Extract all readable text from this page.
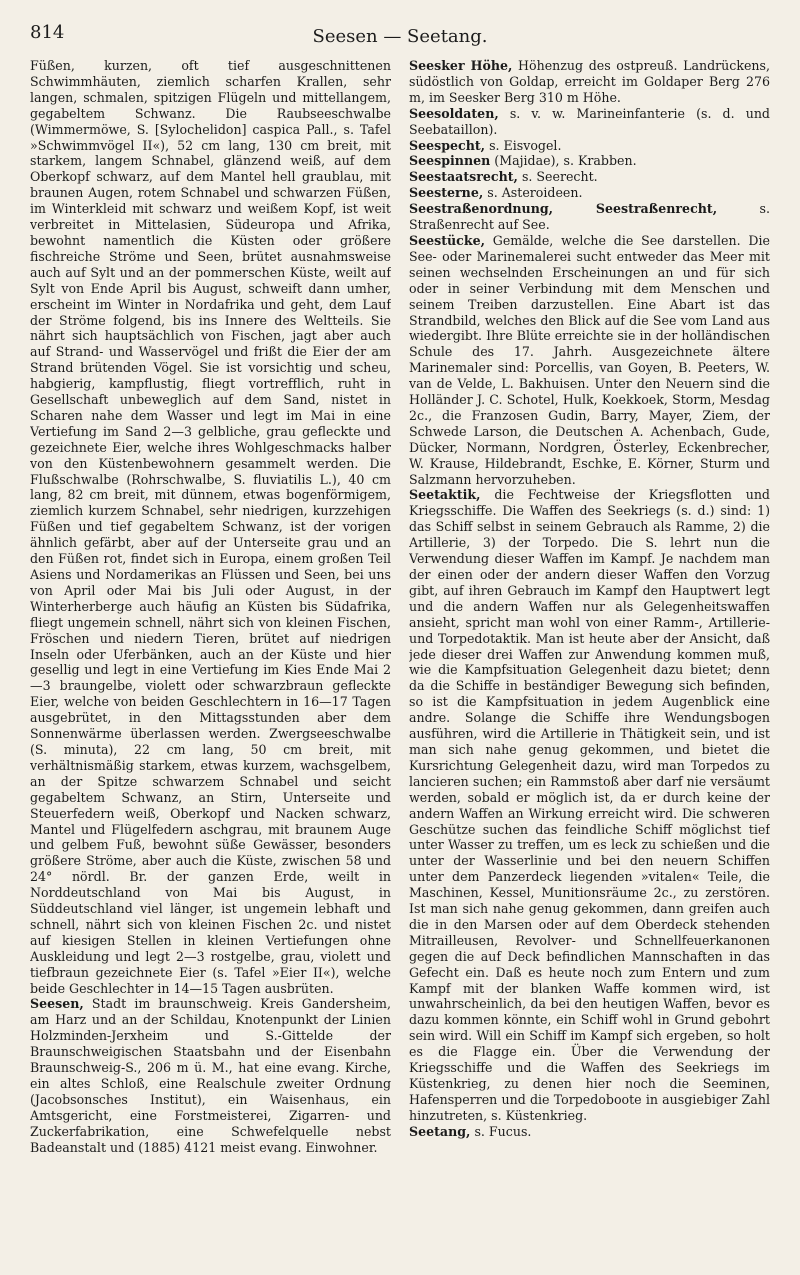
814	Seesen — Seetang.

Füßen, kurzen, oft tief ausgeschnittenen Schwimmhäuten, ziemlich scharfen Krallen, sehr langen, schmalen, spitzigen Flügeln und mittellangem, gegabeltem Schwanz. Die Raubseeschwalbe (Wimmermöwe, S. [Sylochelidon] caspica Pall., s. Tafel »Schwimmvögel II«), 52 cm lang, 130 cm breit, mit starkem, langem Schnabel, glänzend weiß, auf dem Oberkopf schwarz, auf dem Mantel hell graublau, mit braunen Augen, rotem Schnabel und schwarzen Füßen, im Winterkleid mit schwarz und weißem Kopf, ist weit verbreitet in Mittelasien, Südeuropa und Afrika, bewohnt namentlich die Küsten oder größere fischreiche Ströme und Seen, brütet ausnahmsweise auch auf Sylt und an der pommerschen Küste, weilt auf Sylt von Ende April bis August, schweift dann umher, erscheint im Winter in Nordafrika und geht, dem Lauf der Ströme folgend, bis ins Innere des Weltteils. Sie nährt sich hauptsächlich von Fischen, jagt aber auch auf Strand- und Wasservögel und frißt die Eier der am Strand brütenden Vögel. Sie ist vorsichtig und scheu, habgierig, kampflustig, fliegt vortrefflich, ruht in Gesellschaft unbeweglich auf dem Sand, nistet in Scharen nahe dem Wasser und legt im Mai in eine Vertiefung im Sand 2—3 gelbliche, grau gefleckte und gezeichnete Eier, welche ihres Wohlgeschmacks halber von den Küstenbewohnern gesammelt werden. Die Flußschwalbe (Rohrschwalbe, S. fluviatilis L.), 40 cm lang, 82 cm breit, mit dünnem, etwas bogenförmigem, ziemlich kurzem Schnabel, sehr niedrigen, kurzzehigen Füßen und tief gegabeltem Schwanz, ist der vorigen ähnlich gefärbt, aber auf der Unterseite grau und an den Füßen rot, findet sich in Europa, einem großen Teil Asiens und Nordamerikas an Flüssen und Seen, bei uns von April oder Mai bis Juli oder August, in der Winterherberge auch häufig an Küsten bis Südafrika, fliegt ungemein schnell, nährt sich von kleinen Fischen, Fröschen und niedern Tieren, brütet auf niedrigen Inseln oder Uferbänken, auch an der Küste und hier gesellig und legt in eine Vertiefung im Kies Ende Mai 2—3 braungelbe, violett oder schwarzbraun gefleckte Eier, welche von beiden Geschlechtern in 16—17 Tagen ausgebrütet, in den Mittagsstunden aber dem Sonnenwärme überlassen werden. Zwergseeschwalbe (S. minuta), 22 cm lang, 50 cm breit, mit verhältnismäßig starkem, etwas kurzem, wachsgelbem, an der Spitze schwarzem Schnabel und seicht gegabeltem Schwanz, an Stirn, Unterseite und Steuerfedern weiß, Oberkopf und Nacken schwarz, Mantel und Flügelfedern aschgrau, mit braunem Auge und gelbem Fuß, bewohnt süße Gewässer, besonders größere Ströme, aber auch die Küste, zwischen 58 und 24° nördl. Br. der ganzen Erde, weilt in Norddeutschland von Mai bis August, in Süddeutschland viel länger, ist ungemein lebhaft und schnell, nährt sich von kleinen Fischen 2c. und nistet auf kiesigen Stellen in kleinen Vertiefungen ohne Auskleidung und legt 2—3 rostgelbe, grau, violett und tiefbraun gezeichnete Eier (s. Tafel »Eier II«), welche beide Geschlechter in 14—15 Tagen ausbrüten.

Seesen, Stadt im braunschweig. Kreis Gandersheim, am Harz und an der Schildau, Knotenpunkt der Linien Holzminden-Jerxheim und S.-Gittelde der Braunschweigischen Staatsbahn und der Eisenbahn Braunschweig-S., 206 m ü. M., hat eine evang. Kirche, ein altes Schloß, eine Realschule zweiter Ordnung (Jacobsonsches Institut), ein Waisenhaus, ein Amtsgericht, eine Forstmeisterei, Zigarren- und Zuckerfabrikation, eine Schwefelquelle nebst Badeanstalt und (1885) 4121 meist evang. Einwohner.

Seesker Höhe, Höhenzug des ostpreuß. Landrückens, südöstlich von Goldap, erreicht im Goldaper Berg 276 m, im Seesker Berg 310 m Höhe.

Seesoldaten, s. v. w. Marineinfanterie (s. d. und Seebataillon).

Seespecht, s. Eisvogel.

Seespinnen (Majidae), s. Krabben.

Seestaatsrecht, s. Seerecht.

Seesterne, s. Asteroideen.

Seestraßenordnung, Seestraßenrecht, s. Straßenrecht auf See.

Seestücke, Gemälde, welche die See darstellen. Die See- oder Marinemalerei sucht entweder das Meer mit seinen wechselnden Erscheinungen an und für sich oder in seiner Verbindung mit dem Menschen und seinem Treiben darzustellen. Eine Abart ist das Strandbild, welches den Blick auf die See vom Land aus wiedergibt. Ihre Blüte erreichte sie in der holländischen Schule des 17. Jahrh. Ausgezeichnete ältere Marinemaler sind: Porcellis, van Goyen, B. Peeters, W. van de Velde, L. Bakhuisen. Unter den Neuern sind die Holländer J. C. Schotel, Hulk, Koekkoek, Storm, Mesdag 2c., die Franzosen Gudin, Barry, Mayer, Ziem, der Schwede Larson, die Deutschen A. Achenbach, Gude, Dücker, Normann, Nordgren, Österley, Eckenbrecher, W. Krause, Hildebrandt, Eschke, E. Körner, Sturm und Salzmann hervorzuheben.

Seetaktik, die Fechtweise der Kriegsflotten und Kriegsschiffe. Die Waffen des Seekriegs (s. d.) sind: 1) das Schiff selbst in seinem Gebrauch als Ramme, 2) die Artillerie, 3) der Torpedo. Die S. lehrt nun die Verwendung dieser Waffen im Kampf. Je nachdem man der einen oder der andern dieser Waffen den Vorzug gibt, auf ihren Gebrauch im Kampf den Hauptwert legt und die andern Waffen nur als Gelegenheitswaffen ansieht, spricht man wohl von einer Ramm-, Artillerie- und Torpedotaktik. Man ist heute aber der Ansicht, daß jede dieser drei Waffen zur Anwendung kommen muß, wie die Kampfsituation Gelegenheit dazu bietet; denn da die Schiffe in beständiger Bewegung sich befinden, so ist die Kampfsituation in jedem Augenblick eine andre. Solange die Schiffe ihre Wendungsbogen ausführen, wird die Artillerie in Thätigkeit sein, und ist man sich nahe genug gekommen, und bietet die Kursrichtung Gelegenheit dazu, wird man Torpedos zu lancieren suchen; ein Rammstoß aber darf nie versäumt werden, sobald er möglich ist, da er durch keine der andern Waffen an Wirkung erreicht wird. Die schweren Geschütze suchen das feindliche Schiff möglichst tief unter Wasser zu treffen, um es leck zu schießen und die unter der Wasserlinie und bei den neuern Schiffen unter dem Panzerdeck liegenden »vitalen« Teile, die Maschinen, Kessel, Munitionsräume 2c., zu zerstören. Ist man sich nahe genug gekommen, dann greifen auch die in den Marsen oder auf dem Oberdeck stehenden Mitrailleusen, Revolver- und Schnellfeuerkanonen gegen die auf Deck befindlichen Mannschaften in das Gefecht ein. Daß es heute noch zum Entern und zum Kampf mit der blanken Waffe kommen wird, ist unwahrscheinlich, da bei den heutigen Waffen, bevor es dazu kommen könnte, ein Schiff wohl in Grund gebohrt sein wird. Will ein Schiff im Kampf sich ergeben, so holt es die Flagge ein. Über die Verwendung der Kriegsschiffe und die Waffen des Seekriegs im Küstenkrieg, zu denen hier noch die Seeminen, Hafensperren und die Torpedoboote in ausgiebiger Zahl hinzutreten, s. Küstenkrieg.

Seetang, s. Fucus.
